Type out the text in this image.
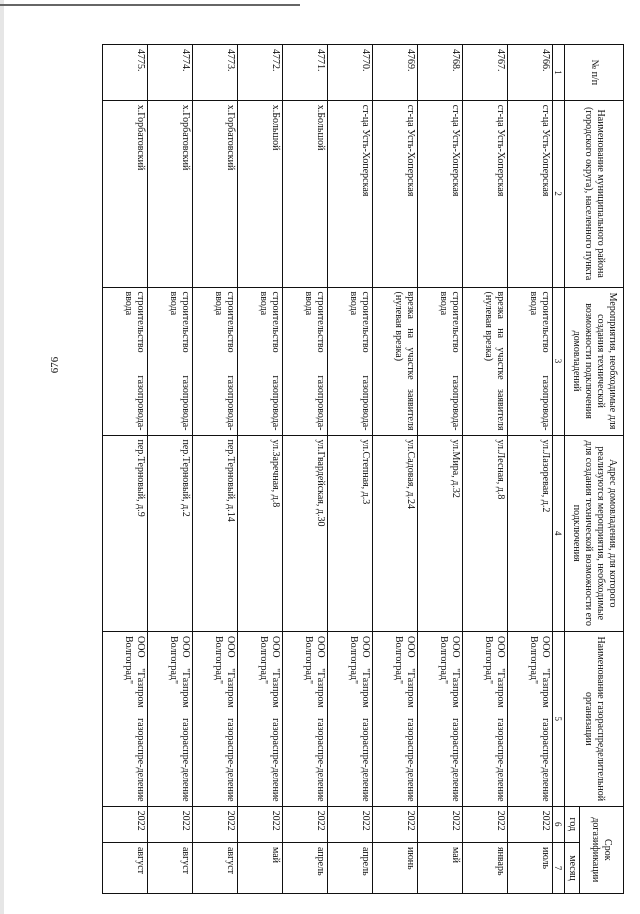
676
№ п/п	Наименование муниципального района (городского округа), населенного пункта	Мероприятия, необходимые для создания технической возможности подключения домовладений	Адрес домовладения, для которого реализуются мероприятия, необходимые для создания технической возможности его подключения	Наименование газораспределительной организации	Срок догазификации	
					год	месяц
1	2	3	4	5	6	7
4766.	ст-ца Усть-Хоперская	строительство газопровода-ввода	ул.Лазоревая, д.2	ООО "Газпром газораспре-деление Волгоград"	2022	июль
4767.	ст-ца Усть-Хоперская	врезка на участке заявителя (нулевая врезка)	ул.Лесная, д.8	ООО "Газпром газораспре-деление Волгоград"	2022	январь
4768.	ст-ца Усть-Хоперская	строительство газопровода-ввода	ул.Мира, д.32	ООО "Газпром газораспре-деление Волгоград"	2022	май
4769.	ст-ца Усть-Хоперская	врезка на участке заявителя (нулевая врезка)	ул.Садовая, д.24	ООО "Газпром газораспре-деление Волгоград"	2022	июнь
4770.	ст-ца Усть-Хоперская	строительство газопровода-ввода	ул.Степная, д.3	ООО "Газпром газораспре-деление Волгоград"	2022	апрель
4771.	х.Большой	строительство газопровода-ввода	ул.Гвардейская, д.30	ООО "Газпром газораспре-деление Волгоград"	2022	апрель
4772.	х.Большой	строительство газопровода-ввода	ул.Заречная, д.8	ООО "Газпром газораспре-деление Волгоград"	2022	май
4773.	х.Горбатовский	строительство газопровода-ввода	пер.Терновый, д.14	ООО "Газпром газораспре-деление Волгоград"	2022	август
4774.	х.Горбатовский	строительство газопровода-ввода	пер.Терновый, д.2	ООО "Газпром газораспре-деление Волгоград"	2022	август
4775.	х.Горбатовский	строительство газопровода-ввода	пер.Терновый, д.9	ООО "Газпром газораспре-деление Волгоград"	2022	август
